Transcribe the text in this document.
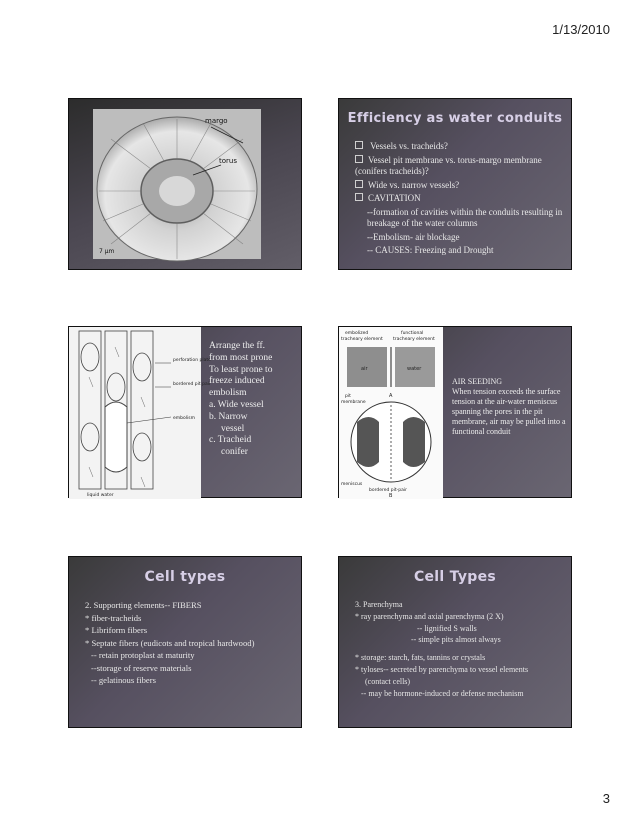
1/13/2010
margo
torus
7 μm
Efficiency as water conduits
Vessels vs. tracheids?
Vessel pit membrane vs. torus-margo membrane (conifers tracheids)?
Wide vs. narrow vessels?
CAVITATION
--formation of cavities within the conduits resulting in breakage of the water columns
--Embolism- air blockage
-- CAUSES: Freezing and Drought
perforation plate
bordered pit pair
embolism
liquid water
Arrange the ff.
from most prone
To least prone to
freeze induced
embolism
a. Wide vessel
b. Narrow
vessel
c. Tracheid
conifer
embolized
tracheary element
functional
tracheary element
air	water
pit
membrane
A
meniscus
bordered pit-pair
B
AIR SEEDING
When tension exceeds the surface tension at the air-water meniscus spanning the pores in the pit membrane, air may be pulled into a functional conduit
Cell types
2. Supporting elements-- FIBERS
* fiber-tracheids
* Libriform fibers
* Septate fibers (eudicots and tropical hardwood)
-- retain protoplast at maturity
--storage of reserve materials
-- gelatinous fibers
Cell Types
3. Parenchyma
* ray parenchyma and axial parenchyma (2 X)
-- lignified S walls
-- simple pits almost always
* storage: starch, fats, tannins or crystals
* tyloses-- secreted by parenchyma to vessel elements
(contact cells)
-- may be hormone-induced or defense mechanism
3
